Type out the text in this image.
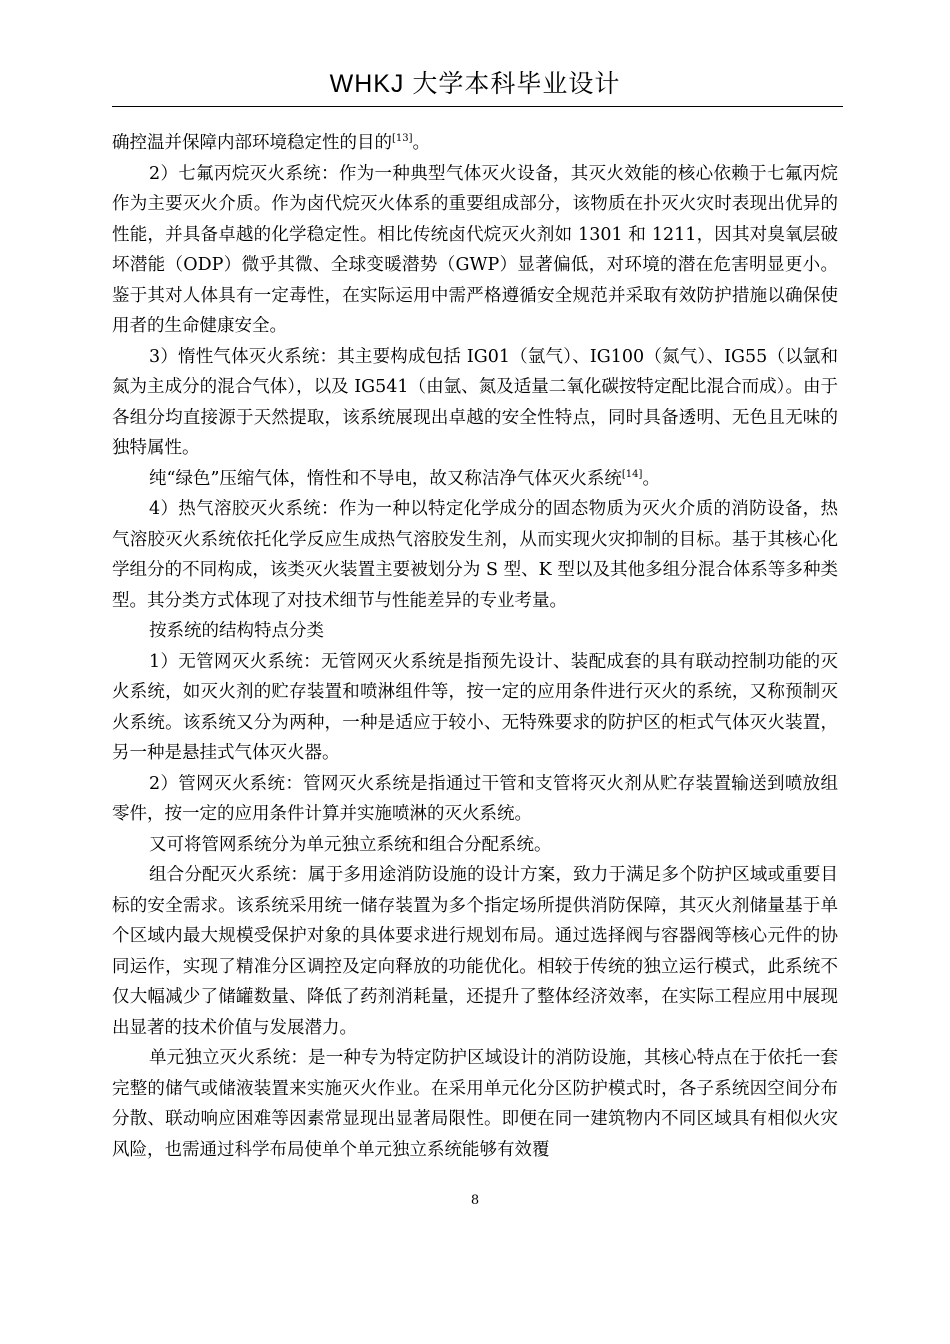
WHKJ 大学本科毕业设计

确控温并保障内部环境稳定性的目的[13]。

2）七氟丙烷灭火系统：作为一种典型气体灭火设备，其灭火效能的核心依赖于七氟丙烷作为主要灭火介质。作为卤代烷灭火体系的重要组成部分，该物质在扑灭火灾时表现出优异的性能，并具备卓越的化学稳定性。相比传统卤代烷灭火剂如 1301 和 1211，因其对臭氧层破坏潜能（ODP）微乎其微、全球变暖潜势（GWP）显著偏低，对环境的潜在危害明显更小。鉴于其对人体具有一定毒性，在实际运用中需严格遵循安全规范并采取有效防护措施以确保使用者的生命健康安全。

3）惰性气体灭火系统：其主要构成包括 IG01（氩气）、IG100（氮气）、IG55（以氩和氮为主成分的混合气体），以及 IG541（由氩、氮及适量二氧化碳按特定配比混合而成）。由于各组分均直接源于天然提取，该系统展现出卓越的安全性特点，同时具备透明、无色且无味的独特属性。

纯“绿色”压缩气体，惰性和不导电，故又称洁净气体灭火系统[14]。

4）热气溶胶灭火系统：作为一种以特定化学成分的固态物质为灭火介质的消防设备，热气溶胶灭火系统依托化学反应生成热气溶胶发生剂，从而实现火灾抑制的目标。基于其核心化学组分的不同构成，该类灭火装置主要被划分为 S 型、K 型以及其他多组分混合体系等多种类型。其分类方式体现了对技术细节与性能差异的专业考量。

按系统的结构特点分类

1）无管网灭火系统：无管网灭火系统是指预先设计、装配成套的具有联动控制功能的灭火系统，如灭火剂的贮存装置和喷淋组件等，按一定的应用条件进行灭火的系统，又称预制灭火系统。该系统又分为两种，一种是适应于较小、无特殊要求的防护区的柜式气体灭火装置，另一种是悬挂式气体灭火器。

2）管网灭火系统：管网灭火系统是指通过干管和支管将灭火剂从贮存装置输送到喷放组零件，按一定的应用条件计算并实施喷淋的灭火系统。

又可将管网系统分为单元独立系统和组合分配系统。

组合分配灭火系统：属于多用途消防设施的设计方案，致力于满足多个防护区域或重要目标的安全需求。该系统采用统一储存装置为多个指定场所提供消防保障，其灭火剂储量基于单个区域内最大规模受保护对象的具体要求进行规划布局。通过选择阀与容器阀等核心元件的协同运作，实现了精准分区调控及定向释放的功能优化。相较于传统的独立运行模式，此系统不仅大幅减少了储罐数量、降低了药剂消耗量，还提升了整体经济效率，在实际工程应用中展现出显著的技术价值与发展潜力。

单元独立灭火系统：是一种专为特定防护区域设计的消防设施，其核心特点在于依托一套完整的储气或储液装置来实施灭火作业。在采用单元化分区防护模式时，各子系统因空间分布分散、联动响应困难等因素常显现出显著局限性。即便在同一建筑物内不同区域具有相似火灾风险，也需通过科学布局使单个单元独立系统能够有效覆

8
